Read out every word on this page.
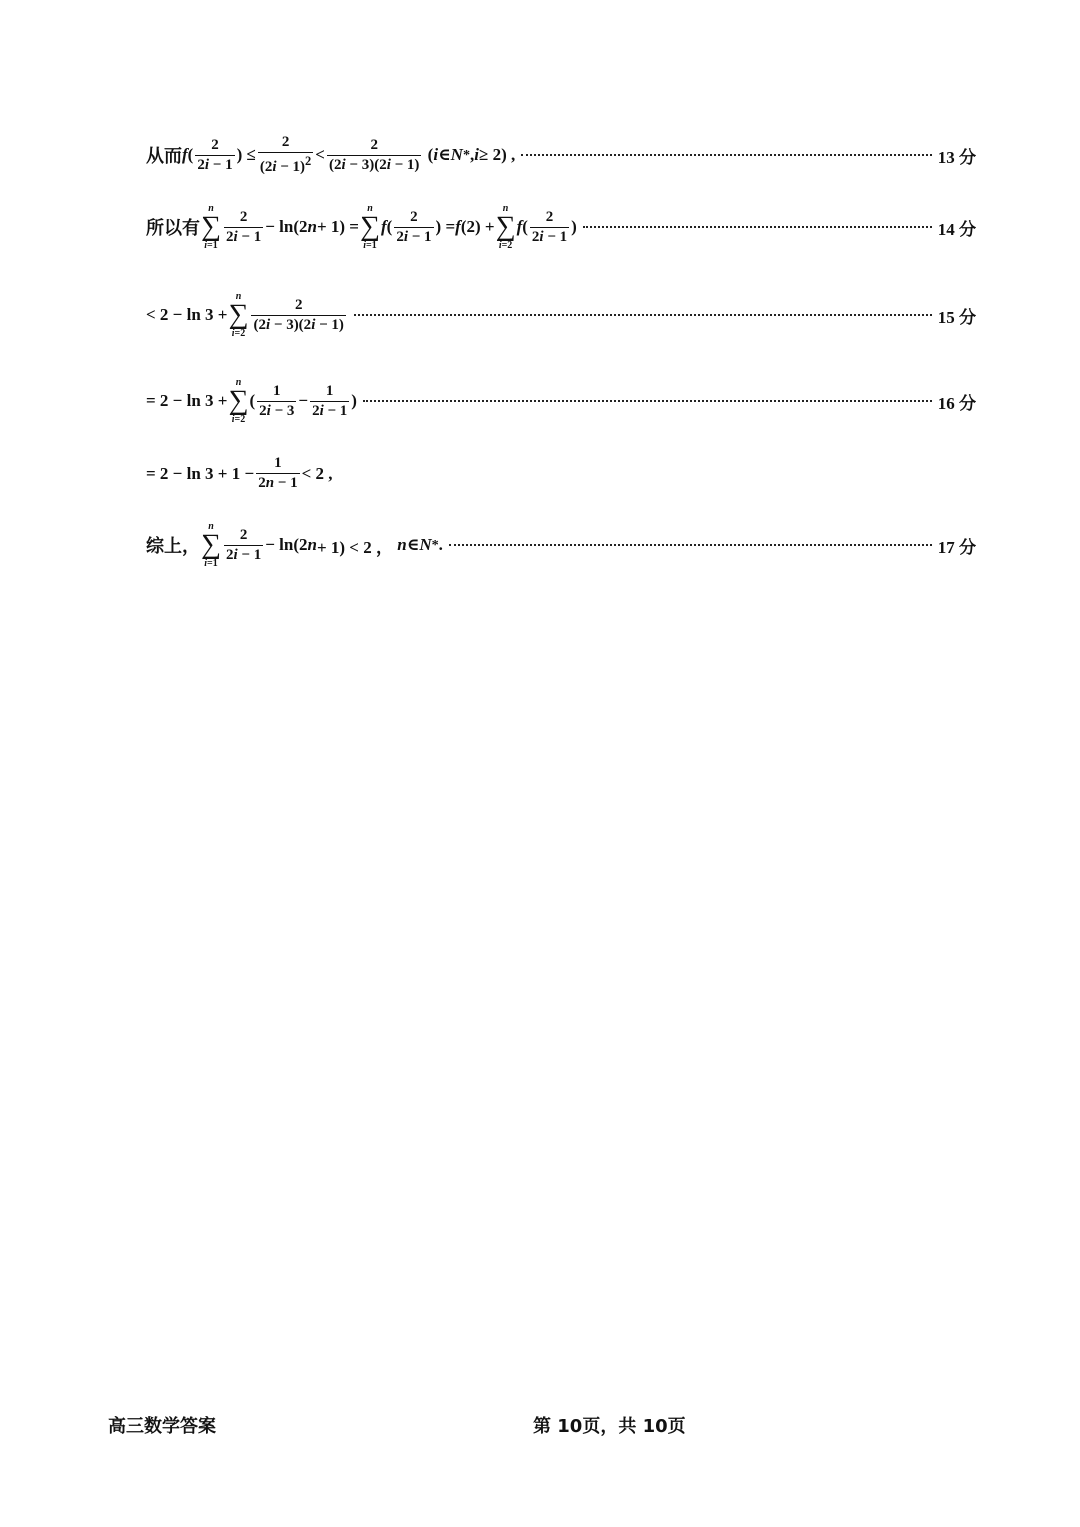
从而 f ( $\frac{2}{2i - 1}$ ) ≤ $\frac{2}{(2i - 1)^2} < \frac{2}{(2i - 3)(2i - 1)}$ ( i ∈ N * , i ≥ 2) ,	13 分
所以有
n
∑
$i=1 \frac{2}{2i - 1} - \ln(2$ n + 1) =
n
∑
i=1
f ( $\frac{2}{2i - 1}$ ) = f (2) +
n
∑
i=2
f ( $\frac{2}{2i - 1}$ )	14 分
< 2 − ln 3 +
n
∑
$i=2 \frac{2}{(2i - 3)(2i - 1)}$	15 分
= 2 − ln 3 +
n
∑
i=2
( $\frac{1}{2i - 3} - \frac{1}{2i - 1}$ )	16 分
= $2 - \ln 3 + 1 - \frac{1}{2n - 1} < 2$ ,
综上，
n
∑
$i=1 \frac{2}{2i - 1} - \ln(2$ n + 1) < 2 ， n ∈ N * .	17 分
高三数学答案	第 10页，共 10页
